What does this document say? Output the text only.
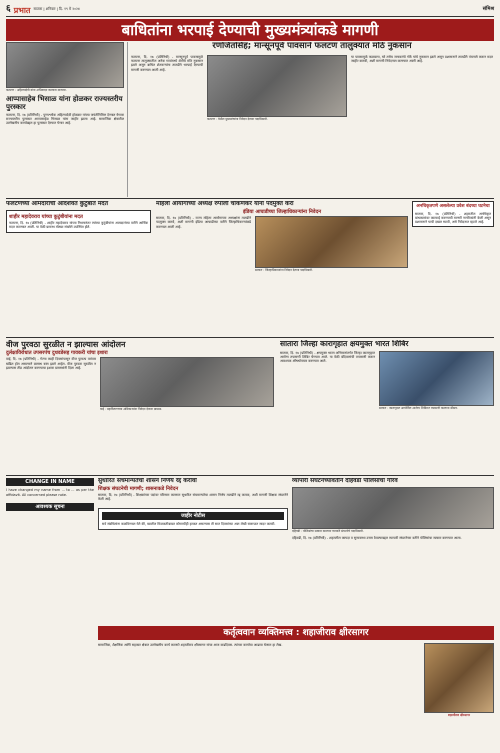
६ प्रभात सातारा | शनिवार | दि. १९ मे २०२४	संमिश्र
बाधितांना भरपाई देण्याची मुख्यमंत्र्यांकडे मागणी
फलटण : अहिल्यादेवी यांना अभिवादन करताना मान्यवर.
आप्पासाहेब भिसाळ यांना होळकर राज्यस्तरीय पुरस्कार
फलटण, दि. १७ (प्रतिनिधी) - पुण्यश्लोक अहिल्यादेवी होळकर यांच्या जयंतीनिमित्त देण्यात येणारा राज्यस्तरीय पुरस्कार आप्पासाहेब भिसाळ यांना जाहीर झाला आहे. सामाजिक क्षेत्रातील उल्लेखनीय कार्याबद्दल हा पुरस्कार देण्यात येणार आहे.
रणजितसिंह; मान्सूनपूर्व पावसाने फलटण तालुक्यात मोठे नुकसान
फलटण, दि. १७ (प्रतिनिधी) - मान्सूनपूर्व पावसामुळे फलटण तालुक्यातील अनेक गावांमध्ये शेतीचे मोठे नुकसान झाले असून बाधित शेतकऱ्यांना तातडीने भरपाई देण्याची मागणी करण्यात आली आहे.
फलटण : येथील मुख्यमंत्र्यांना निवेदन देताना पदाधिकारी.
या पावसामुळे फळबागा, घरे तसेच जनावरांचे गोठे यांचे नुकसान झाले असून प्रशासनाने तातडीने पंचनामे करून मदत जाहीर करावी, अशी मागणी निवेदनात करण्यात आली आहे.
फलटणच्या आमदारांची आदर्शवत कुटुंबात मदत
शाहीर महादेवराव यांच्या कुटुंबीयांना मदत
फलटण, दि. १७ (प्रतिनिधी) - शाहीर महादेवराव यांच्या निधनानंतर त्यांच्या कुटुंबीयांना आमदारांच्या वतीने आर्थिक मदत करण्यात आली. या वेळी ग्रामस्थ मोठ्या संख्येने उपस्थित होते.
महिला आयोगाच्या अध्यक्ष रुपाली चाकणकर यांना पदमुक्त करा
इंडिया आघाडीच्या जिल्हाधिकाऱ्यांना निवेदन
सातारा, दि. १७ (प्रतिनिधी) - राज्य महिला आयोगाच्या अध्यक्षांना तातडीने पदमुक्त करावे, अशी मागणी इंडिया आघाडीच्या वतीने जिल्हाधिकाऱ्यांकडे करण्यात आली आहे.
सातारा : जिल्हाधिकाऱ्यांना निवेदन देताना पदाधिकारी.
अनधिकृतपणे असलेल्या प्रवेश बंदच्या घटनेचा
सातारा, दि. १७ (प्रतिनिधी) - शहरातील अनधिकृत बांधकामांवर कारवाई करण्याची मागणी नागरिकांनी केली असून प्रशासनाने याची दखल घ्यावी, असे निवेदनात म्हटले आहे.
वीज पुरवठा सुरळीत न झाल्यास आंदोलन
दुर्लक्षाविरोधात उपसरपंच दुधवडेसह गावकरी यांचा इशारा
वाई, दि. १७ (प्रतिनिधी) - गेल्या काही दिवसांपासून वीज पुरवठा वारंवार खंडित होत असल्याने ग्रामस्थ त्रस्त झाले आहेत. वीज पुरवठा सुरळीत न झाल्यास तीव्र आंदोलन करण्याचा इशारा ग्रामस्थांनी दिला आहे.
वाई : महावितरणच्या अधिकाऱ्यांना निवेदन देताना ग्रामस्थ.
सातारा जिल्हा कारागृहात क्षयमुक्त भारत शिबिर
सातारा, दि. १७ (प्रतिनिधी) - क्षयमुक्त भारत अभियानांतर्गत जिल्हा कारागृहात आरोग्य तपासणी शिबिर घेण्यात आले. या वेळी बंदिवानांची तपासणी करून आवश्यक औषधोपचार करण्यात आले.
सातारा : कारागृहात आयोजित आरोग्य शिबिरात तपासणी करताना डॉक्टर.
CHANGE IN NAME
I have changed my name from ... to ... as per the affidavit. All concerned please note.
आवश्यक सूचना
सुधारित संचमान्यतेचा शासन निर्णय रद्द करावा
शिक्षक संघटनेची मागणी; शासनाकडे निवेदन
सातारा, दि. १७ (प्रतिनिधी) - शिक्षकांच्या पदांवर परिणाम करणारा सुधारित संचमान्यतेचा शासन निर्णय तातडीने रद्द करावा, अशी मागणी शिक्षक संघटनेने केली आहे.
जाहीर नोटीस
सर्व संबंधितांना कळविण्यात येते की, खालील मिळकतीबाबत कोणाचीही हरकत असल्यास ती सात दिवसांच्या आत लेखी स्वरूपात सादर करावी.
व्यापारी संघटनेच्यावतीने दहिवडी पोलिसांचा गौरव
दहिवडी : पोलिसांचा सत्कार करताना व्यापारी संघटनेचे पदाधिकारी.
दहिवडी, दि. १७ (प्रतिनिधी) - शहरातील कायदा व सुव्यवस्था उत्तम ठेवल्याबद्दल व्यापारी संघटनेच्या वतीने पोलिसांचा सत्कार करण्यात आला.
कर्तृत्ववान व्यक्तिमत्त्व : शहाजीराव क्षीरसागर
सामाजिक, शैक्षणिक आणि सहकार क्षेत्रात उल्लेखनीय कार्य करणारे शहाजीराव क्षीरसागर यांचा आज वाढदिवस. त्यांच्या कार्याचा आढावा घेणारा हा लेख.
शहाजीराव क्षीरसागर
